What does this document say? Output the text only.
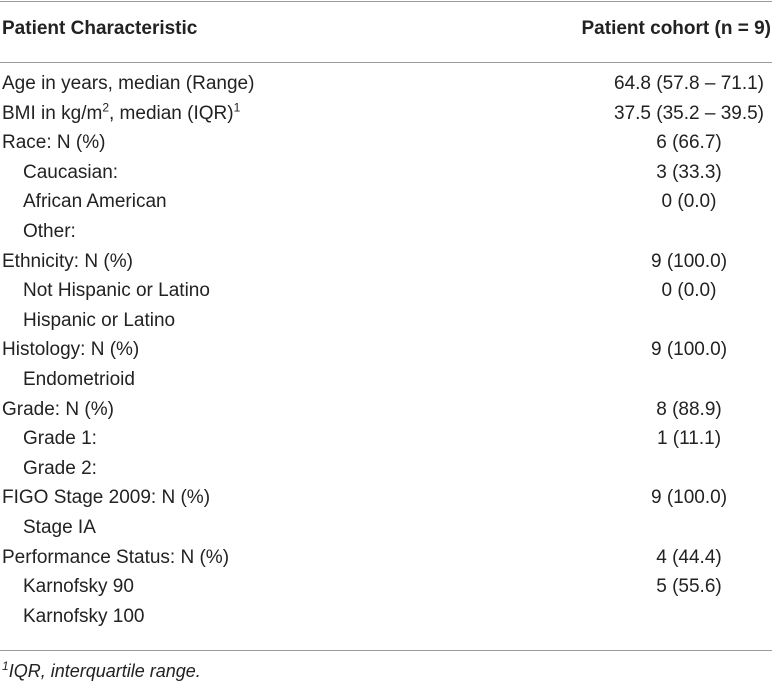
Patient Characteristic	Patient cohort (n = 9)
Age in years, median (Range)	64.8 (57.8 – 71.1)
BMI in $kg/m^2$, median (IQR)$^1$	37.5 (35.2 – 39.5)
Race: N (%)	6 (66.7)
Caucasian:	3 (33.3)
African American	0 (0.0)
Other:
Ethnicity: N (%)	9 (100.0)
Not Hispanic or Latino	0 (0.0)
Hispanic or Latino
Histology: N (%)	9 (100.0)
Endometrioid
Grade: N (%)	8 (88.9)
Grade 1:	1 (11.1)
Grade 2:
FIGO Stage 2009: N (%)	9 (100.0)
Stage IA
Performance Status: N (%)	4 (44.4)
Karnofsky 90	5 (55.6)
Karnofsky 100
$^1$IQR, interquartile range.
